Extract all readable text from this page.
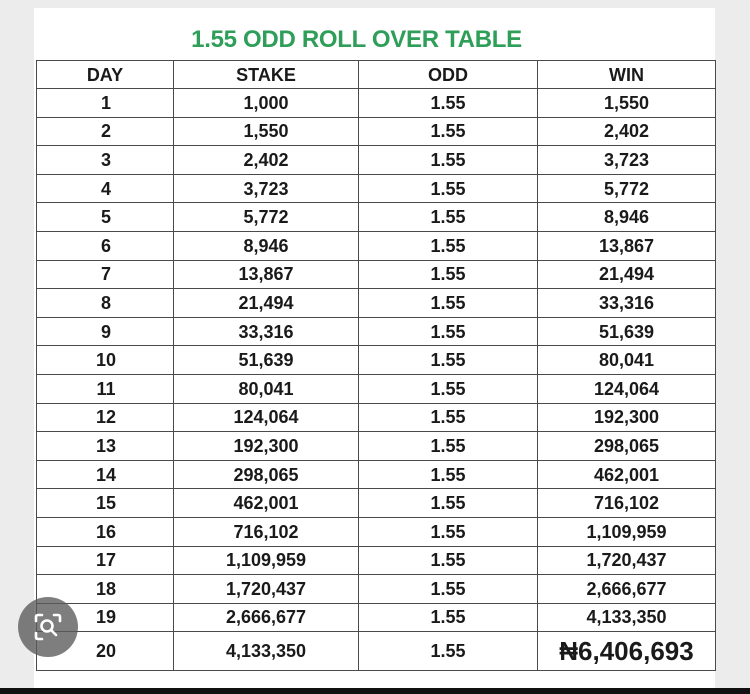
1.55 ODD ROLL OVER TABLE
DAY	STAKE	ODD	WIN
1	1,000	1.55	1,550
2	1,550	1.55	2,402
3	2,402	1.55	3,723
4	3,723	1.55	5,772
5	5,772	1.55	8,946
6	8,946	1.55	13,867
7	13,867	1.55	21,494
8	21,494	1.55	33,316
9	33,316	1.55	51,639
10	51,639	1.55	80,041
11	80,041	1.55	124,064
12	124,064	1.55	192,300
13	192,300	1.55	298,065
14	298,065	1.55	462,001
15	462,001	1.55	716,102
16	716,102	1.55	1,109,959
17	1,109,959	1.55	1,720,437
18	1,720,437	1.55	2,666,677
19	2,666,677	1.55	4,133,350
20	4,133,350	1.55	₦6,406,693
